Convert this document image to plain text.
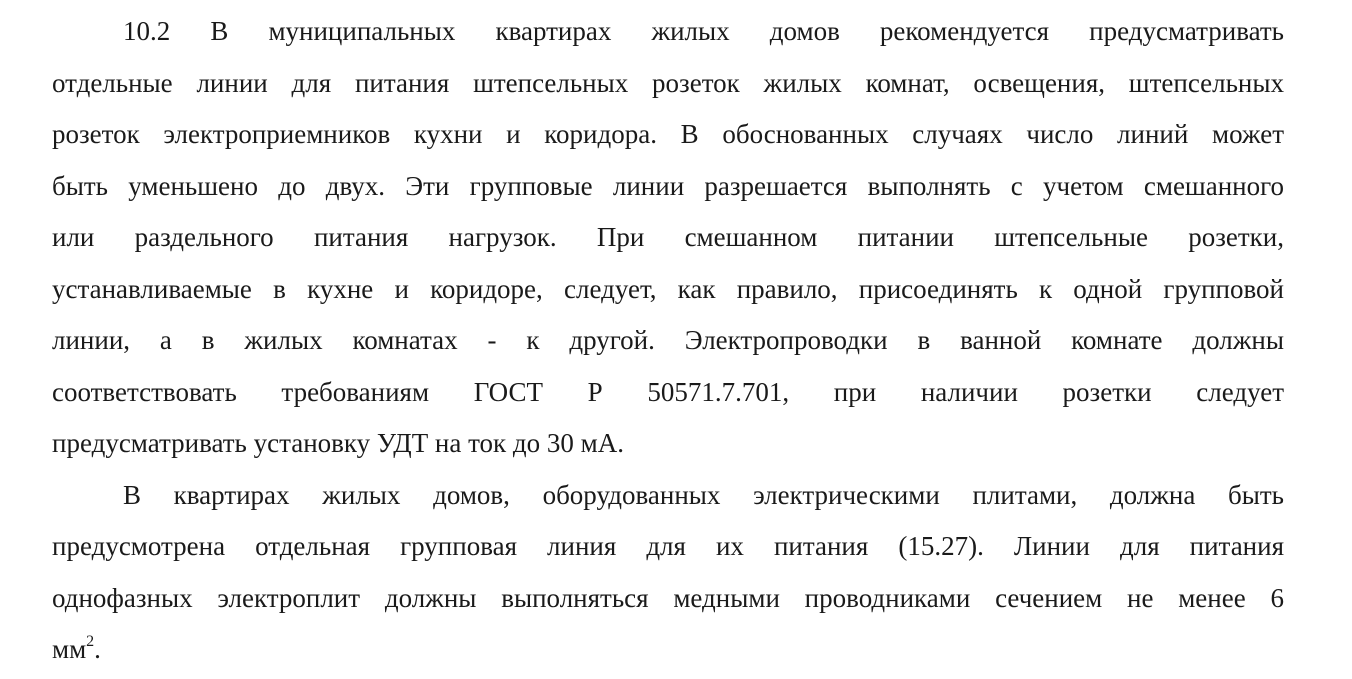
10.2 В муниципальных квартирах жилых домов рекомендуется предусматривать
отдельные линии для питания штепсельных розеток жилых комнат, освещения, штепсельных
розеток электроприемников кухни и коридора. В обоснованных случаях число линий может
быть уменьшено до двух. Эти групповые линии разрешается выполнять с учетом смешанного
или раздельного питания нагрузок. При смешанном питании штепсельные розетки,
устанавливаемые в кухне и коридоре, следует, как правило, присоединять к одной групповой
линии, а в жилых комнатах - к другой. Электропроводки в ванной комнате должны
соответствовать требованиям ГОСТ Р 50571.7.701, при наличии розетки следует
предусматривать установку УДТ на ток до 30 мА.
В квартирах жилых домов, оборудованных электрическими плитами, должна быть
предусмотрена отдельная групповая линия для их питания (15.27). Линии для питания
однофазных электроплит должны выполняться медными проводниками сечением не менее 6
$мм^2$.
